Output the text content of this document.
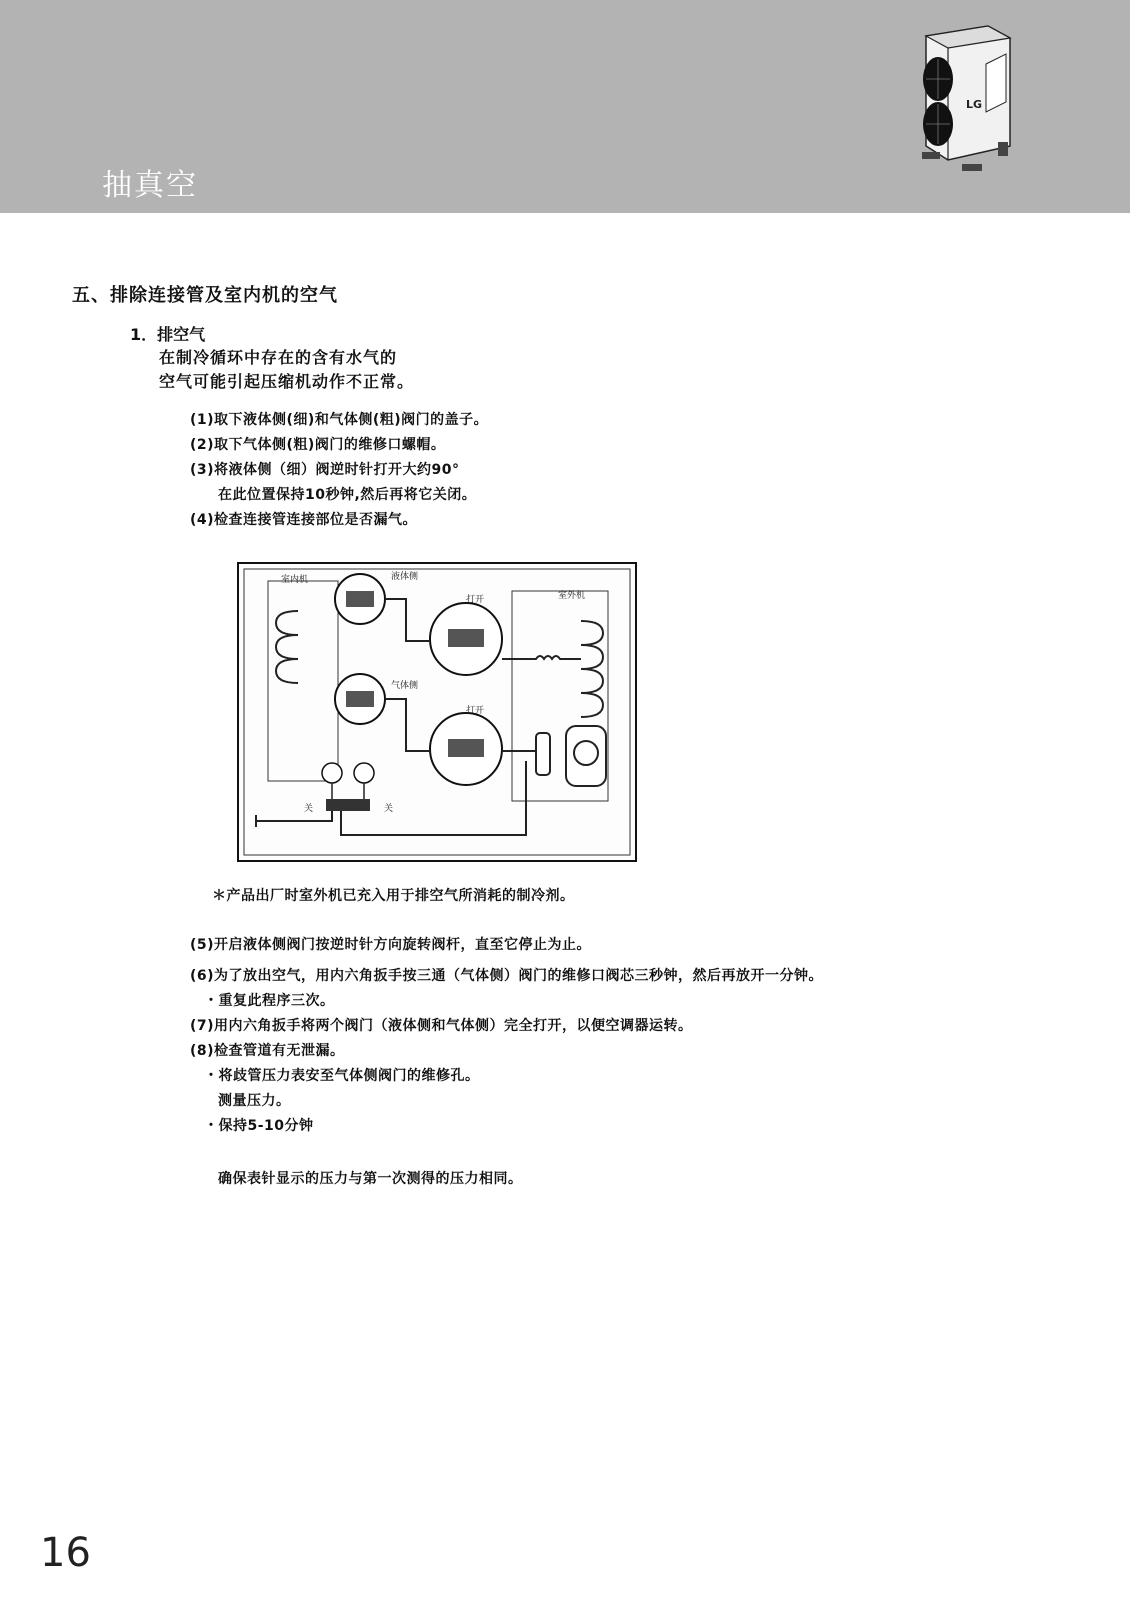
抽真空
LG
五、排除连接管及室内机的空气
1．排空气
在制冷循环中存在的含有水气的
空气可能引起压缩机动作不正常。
(1)取下液体侧(细)和气体侧(粗)阀门的盖子。
(2)取下气体侧(粗)阀门的维修口螺帽。
(3)将液体侧（细）阀逆时针打开大约90°
在此位置保持10秒钟,然后再将它关闭。
(4)检查连接管连接部位是否漏气。
室内机	液体侧
打开	室外机
气体侧
打开
关	关
＊产品出厂时室外机已充入用于排空气所消耗的制冷剂。
(5)开启液体侧阀门按逆时针方向旋转阀杆，直至它停止为止。
(6)为了放出空气，用内六角扳手按三通（气体侧）阀门的维修口阀芯三秒钟，然后再放开一分钟。
・重复此程序三次。
(7)用内六角扳手将两个阀门（液体侧和气体侧）完全打开，以便空调器运转。
(8)检查管道有无泄漏。
・将歧管压力表安至气体侧阀门的维修孔。
测量压力。
・保持5-10分钟
确保表针显示的压力与第一次测得的压力相同。
16
